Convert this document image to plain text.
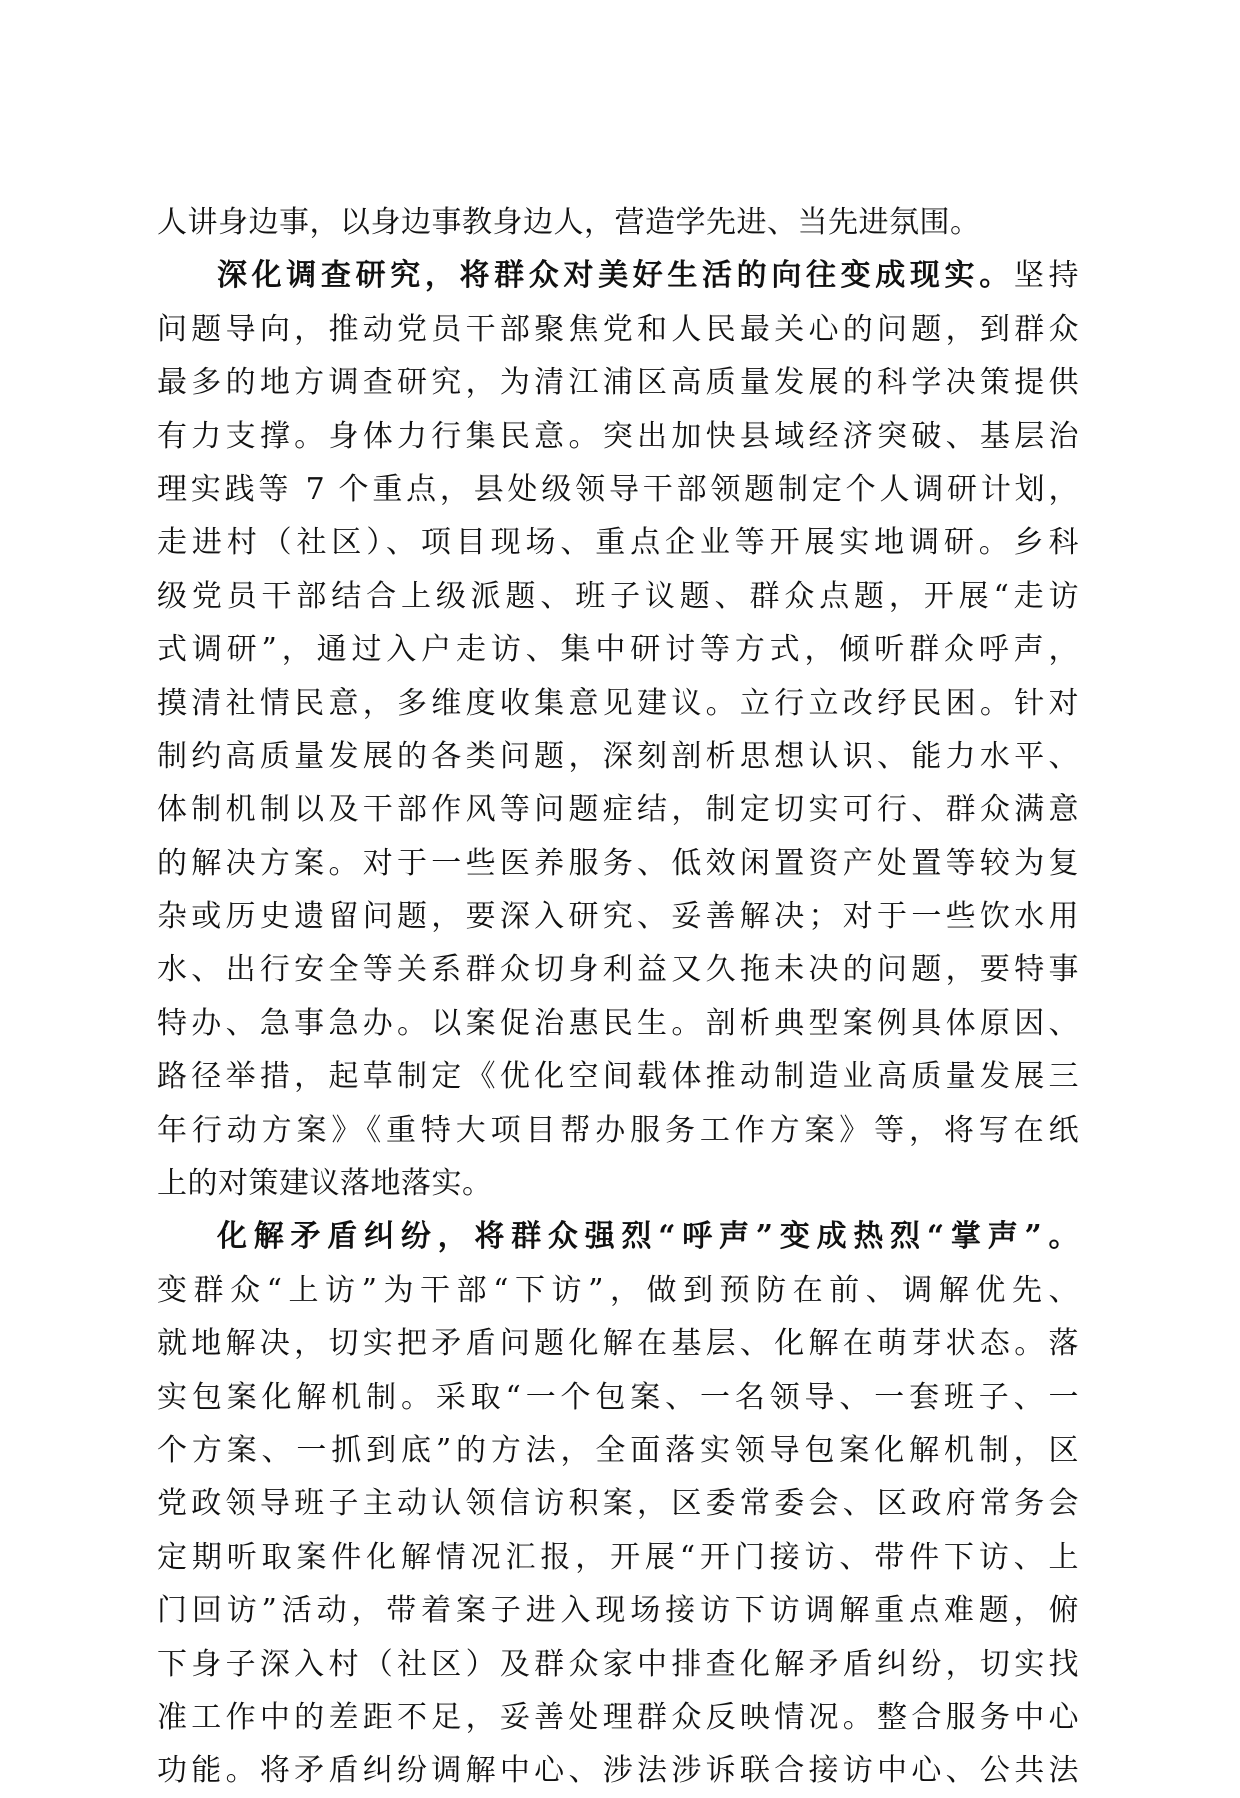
人讲身边事，以身边事教身边人，营造学先进、当先进氛围。
深化调查研究，将群众对美好生活的向往变成现实。坚持
问题导向，推动党员干部聚焦党和人民最关心的问题，到群众
最多的地方调查研究，为清江浦区高质量发展的科学决策提供
有力支撑。身体力行集民意。突出加快县域经济突破、基层治
理实践等 7 个重点，县处级领导干部领题制定个人调研计划，
走进村（社区）、项目现场、重点企业等开展实地调研。乡科
级党员干部结合上级派题、班子议题、群众点题，开展“走访
式调研”，通过入户走访、集中研讨等方式，倾听群众呼声，
摸清社情民意，多维度收集意见建议。立行立改纾民困。针对
制约高质量发展的各类问题，深刻剖析思想认识、能力水平、
体制机制以及干部作风等问题症结，制定切实可行、群众满意
的解决方案。对于一些医养服务、低效闲置资产处置等较为复
杂或历史遗留问题，要深入研究、妥善解决；对于一些饮水用
水、出行安全等关系群众切身利益又久拖未决的问题，要特事
特办、急事急办。以案促治惠民生。剖析典型案例具体原因、
路径举措，起草制定《优化空间载体推动制造业高质量发展三
年行动方案》《重特大项目帮办服务工作方案》等，将写在纸
上的对策建议落地落实。
化解矛盾纠纷，将群众强烈“呼声”变成热烈“掌声”。
变群众“上访”为干部“下访”，做到预防在前、调解优先、
就地解决，切实把矛盾问题化解在基层、化解在萌芽状态。落
实包案化解机制。采取“一个包案、一名领导、一套班子、一
个方案、一抓到底”的方法，全面落实领导包案化解机制，区
党政领导班子主动认领信访积案，区委常委会、区政府常务会
定期听取案件化解情况汇报，开展“开门接访、带件下访、上
门回访”活动，带着案子进入现场接访下访调解重点难题，俯
下身子深入村（社区）及群众家中排查化解矛盾纠纷，切实找
准工作中的差距不足，妥善处理群众反映情况。整合服务中心
功能。将矛盾纠纷调解中心、涉法涉诉联合接访中心、公共法
